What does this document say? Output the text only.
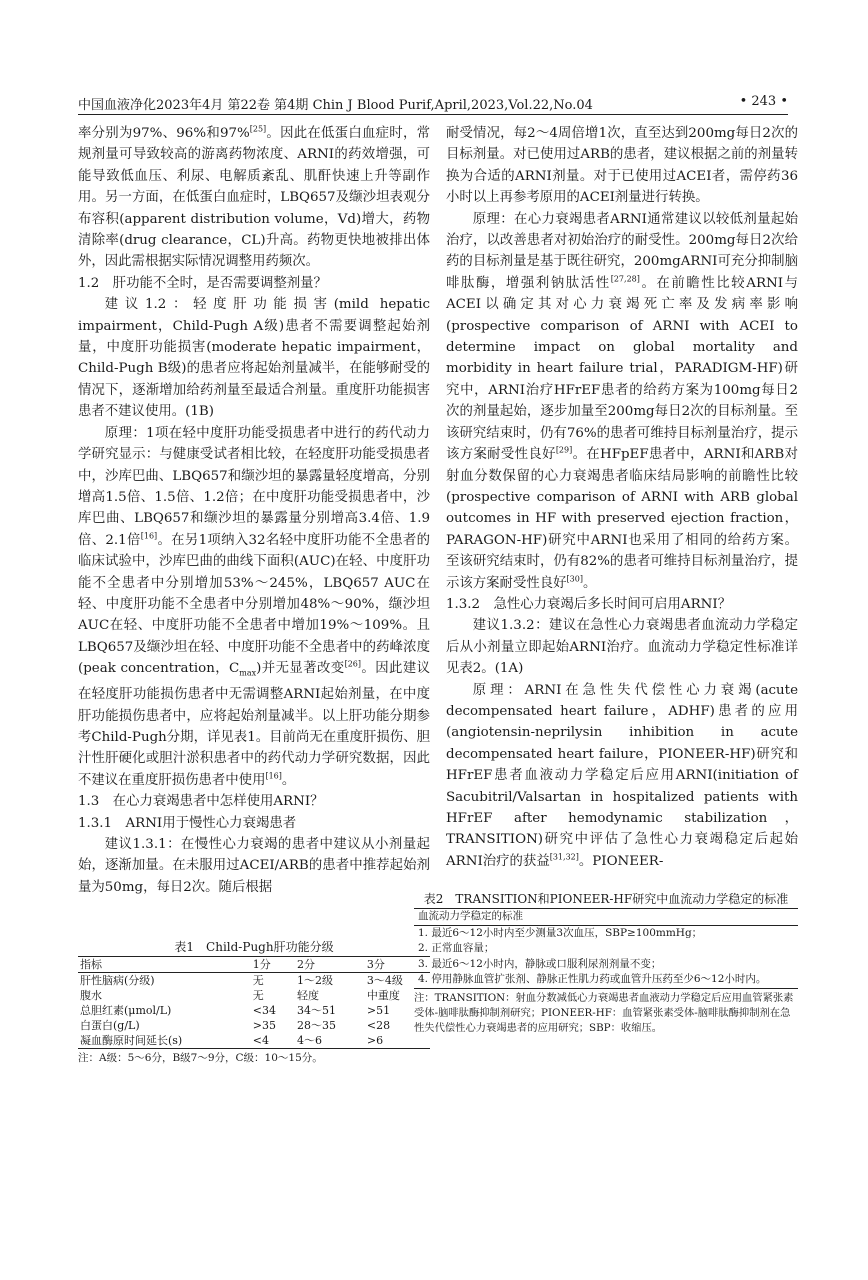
中国血液净化2023年4月 第22卷 第4期 Chin J Blood Purif,April,2023,Vol.22,No.04	• 243 •

率分别为97%、96%和97%[25]。因此在低蛋白血症时，常规剂量可导致较高的游离药物浓度、ARNI的药效增强，可能导致低血压、利尿、电解质紊乱、肌酐快速上升等副作用。另一方面，在低蛋白血症时，LBQ657及缬沙坦表观分布容积(apparent distribution volume，Vd)增大，药物清除率(drug clearance，CL)升高。药物更快地被排出体外，因此需根据实际情况调整用药频次。

1.2　肝功能不全时，是否需要调整剂量？

建议1.2：轻度肝功能损害(mild hepatic impairment，Child-Pugh A级)患者不需要调整起始剂量，中度肝功能损害(moderate hepatic impairment，Child-Pugh B级)的患者应将起始剂量减半，在能够耐受的情况下，逐渐增加给药剂量至最适合剂量。重度肝功能损害患者不建议使用。(1B)

原理：1项在轻中度肝功能受损患者中进行的药代动力学研究显示：与健康受试者相比较，在轻度肝功能受损患者中，沙库巴曲、LBQ657和缬沙坦的暴露量轻度增高，分别增高1.5倍、1.5倍、1.2倍；在中度肝功能受损患者中，沙库巴曲、LBQ657和缬沙坦的暴露量分别增高3.4倍、1.9倍、2.1倍[16]。在另1项纳入32名轻中度肝功能不全患者的临床试验中，沙库巴曲的曲线下面积(AUC)在轻、中度肝功能不全患者中分别增加53%～245%，LBQ657 AUC在轻、中度肝功能不全患者中分别增加48%～90%，缬沙坦AUC在轻、中度肝功能不全患者中增加19%～109%。且LBQ657及缬沙坦在轻、中度肝功能不全患者中的药峰浓度(peak concentration，$C_{max}$)并无显著改变[26]。因此建议在轻度肝功能损伤患者中无需调整ARNI起始剂量，在中度肝功能损伤患者中，应将起始剂量减半。以上肝功能分期参考Child-Pugh分期，详见表1。目前尚无在重度肝损伤、胆汁性肝硬化或胆汁淤积患者中的药代动力学研究数据，因此不建议在重度肝损伤患者中使用[16]。

1.3　在心力衰竭患者中怎样使用ARNI？

1.3.1　ARNI用于慢性心力衰竭患者

建议1.3.1：在慢性心力衰竭的患者中建议从小剂量起始，逐渐加量。在未服用过ACEI/ARB的患者中推荐起始剂量为50mg，每日2次。随后根据

表1　Child-Pugh肝功能分级

指标	1分	2分	3分
肝性脑病(分级)	无	1～2级	3～4级
腹水	无	轻度	中重度
总胆红素(μmol/L)	<34	34～51	>51
白蛋白(g/L)	>35	28～35	<28
凝血酶原时间延长(s)	<4	4～6	>6

注：A级：5～6分，B级7～9分，C级：10～15分。

耐受情况，每2～4周倍增1次，直至达到200mg每日2次的目标剂量。对已使用过ARB的患者，建议根据之前的剂量转换为合适的ARNI剂量。对于已使用过ACEI者，需停药36小时以上再参考原用的ACEI剂量进行转换。

原理：在心力衰竭患者ARNI通常建议以较低剂量起始治疗，以改善患者对初始治疗的耐受性。200mg每日2次给药的目标剂量是基于既往研究，200mgARNI可充分抑制脑啡肽酶，增强利钠肽活性[27,28]。在前瞻性比较ARNI与ACEI以确定其对心力衰竭死亡率及发病率影响(prospective comparison of ARNI with ACEI to determine impact on global mortality and morbidity in heart failure trial，PARADIGM-HF)研究中，ARNI治疗HFrEF患者的给药方案为100mg每日2次的剂量起始，逐步加量至200mg每日2次的目标剂量。至该研究结束时，仍有76%的患者可维持目标剂量治疗，提示该方案耐受性良好[29]。在HFpEF患者中，ARNI和ARB对射血分数保留的心力衰竭患者临床结局影响的前瞻性比较(prospective comparison of ARNI with ARB global outcomes in HF with preserved ejection fraction，PARAGON-HF)研究中ARNI也采用了相同的给药方案。至该研究结束时，仍有82%的患者可维持目标剂量治疗，提示该方案耐受性良好[30]。

1.3.2　急性心力衰竭后多长时间可启用ARNI？

建议1.3.2：建议在急性心力衰竭患者血流动力学稳定后从小剂量立即起始ARNI治疗。血流动力学稳定性标准详见表2。(1A)

原理：ARNI在急性失代偿性心力衰竭(acute decompensated heart failure，ADHF)患者的应用(angiotensin-neprilysin inhibition in acute decompensated heart failure，PIONEER-HF)研究和HFrEF患者血液动力学稳定后应用ARNI(initiation of Sacubitril/Valsartan in hospitalized patients with HFrEF after hemodynamic stabilization，TRANSITION)研究中评估了急性心力衰竭稳定后起始ARNI治疗的获益[31,32]。PIONEER-

表2　TRANSITION和PIONEER-HF研究中血流动力学稳定的标准

血流动力学稳定的标准
1. 最近6～12小时内至少测量3次血压，SBP≥100mmHg；
2. 正常血容量；
3. 最近6～12小时内，静脉或口服利尿剂剂量不变；
4. 停用静脉血管扩张剂、静脉正性肌力药或血管升压药至少6～12小时内。

注：TRANSITION：射血分数减低心力衰竭患者血液动力学稳定后应用血管紧张素受体-脑啡肽酶抑制剂研究；PIONEER-HF：血管紧张素受体-脑啡肽酶抑制剂在急性失代偿性心力衰竭患者的应用研究；SBP：收缩压。
